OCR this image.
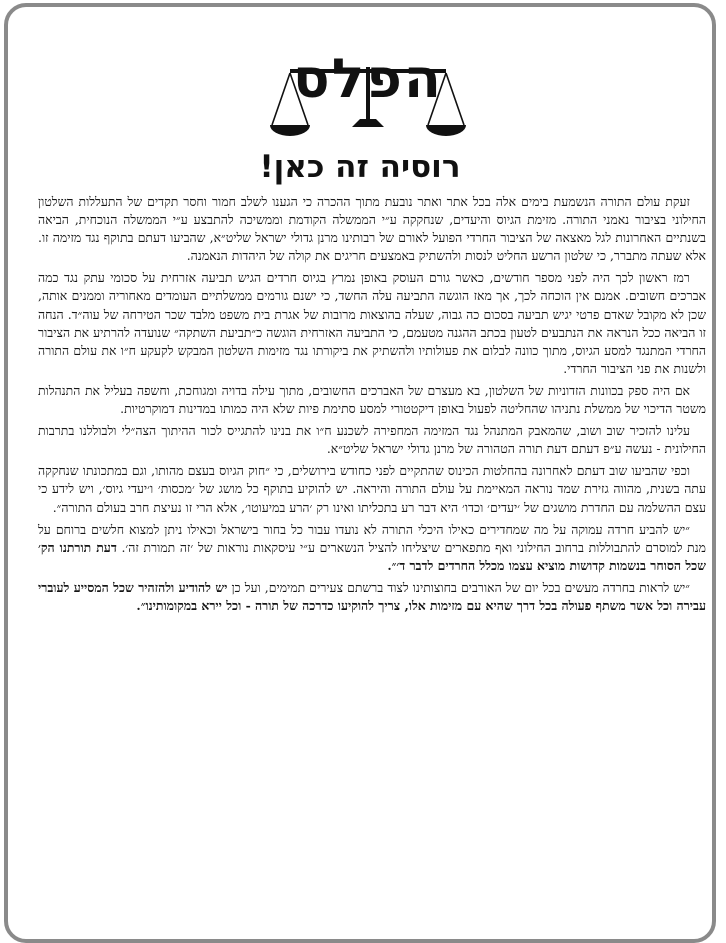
הפלס
רוסיה זה כאן!

זעקת עולם התורה הנשמעת בימים אלה בכל אתר ואתר נובעת מתוך ההכרה כי הגענו לשלב חמור וחסר תקדים של התעללות השלטון החילוני בציבור נאמני התורה. מזימת הגיוס והיעדים, שנחקקה ע״י הממשלה הקודמת וממשיכה להתבצע ע״י הממשלה הנוכחית, הביאה בשנתיים האחרונות לגל מאצאה של הציבור החרדי הפועל לאורם של רבותינו מרנן גדולי ישראל שליט״א, שהביעו דעתם בתוקף נגד מזימה זו. אלא שעתה מתברר, כי שלטון הרשע החליט לנסות ולהשתיק באמצעים חריגים את קולה של היהדות הנאמנה.

רמז ראשון לכך היה לפני מספר חודשים, כאשר גורם העוסק באופן נמרץ בגיוס חרדים הגיש תביעה אזרחית על סכומי עתק נגד כמה אברכים חשובים. אמנם אין הוכחה לכך, אך מאז הוגשה התביעה עלה החשד, כי ישנם גורמים ממשלתיים העומדים מאחוריה וממנים אותה, שכן לא מקובל שאדם פרטי יגיש תביעה בסכום כה גבוה, שעלה בהוצאות מרובות של אגרת בית משפט מלבד שכר הטירחה של עוה״ד. הנחה זו הביאה ככל הנראה את הנתבעים לטעון בכתב ההגנה מטעמם, כי התביעה האזרחית הוגשה כ״תביעת השתקה״ שנועדה להרתיע את הציבור החרדי המתנגד למסע הגיוס, מתוך כוונה לבלום את פעולותיו ולהשתיק את ביקורתו נגד מזימות השלטון המבקש לקעקע ח״ו את עולם התורה ולשנות את פני הציבור החרדי.

אם היה ספק בכוונות הזדוניות של השלטון, בא מעצרם של האברכים החשובים, מתוך עילה בדויה ומגוחכת, וחשפה בעליל את התנהלות משטר הדיכוי של ממשלת נתניהו שהחליטה לפעול באופן דיקטטורי למסע סתימת פיות שלא היה כמותו במדינות דמוקרטיות.

עלינו להזכיר שוב ושוב, שהמאבק המתנהל נגד המזימה המחפירה לשכנע ח״ו את בנינו להתגייס לכור ההיתוך הצה״לי ולבוללנו בתרבות החילונית - נעשה ע״פ דעתם דעת תורה הטהורה של מרנן גדולי ישראל שליט״א.

וכפי שהביעו שוב דעתם לאחרונה בהחלטות הכינוס שהתקיים לפני כחודש בירושלים, כי ״חוק הגיוס בעצם מהותו, וגם במתכונתו שנחקקה עתה בשנית, מהווה גזירת שמד נוראה המאיימת על עולם התורה והיראה. יש להוקיע בתוקף כל מושג של ׳מכסות׳ ו׳יעדי גיוס׳, ויש לידע כי עצם ההשלמה עם החדרת מושגים של ׳יעדים׳ וכדו׳ היא דבר רע בתכליתו ואינו רק ׳הרע במיעוטו׳, אלא הרי זו נעיצת חרב בעולם התורה״.

״יש להביע חרדה עמוקה על מה שמחדירים כאילו היכלי התורה לא נועדו עבור כל בחור בישראל וכאילו ניתן למצוא חלשים ברוחם על מנת למוסרם להתבוללות ברחוב החילוני ואף מתפארים שיצליחו להציל הנשארים ע״י עיסקאות נוראות של ׳זה תמורת זה׳. דעת תורתנו הק׳ שכל הסוחר בנשמות קדושות מוציא עצמו מכלל החרדים לדבר ד׳״.

״יש לראות בחרדה מעשים בכל יום של האורבים בחוצותינו לצוד ברשתם צעירים תמימים, ועל כן יש להודיע ולהזהיר שכל המסייע לעוברי עבירה וכל אשר משתף פעולה בכל דרך שהיא עם מזימות אלו, צריך להוקיעו כדרכה של תורה - וכל יירא במקומותינו״.
